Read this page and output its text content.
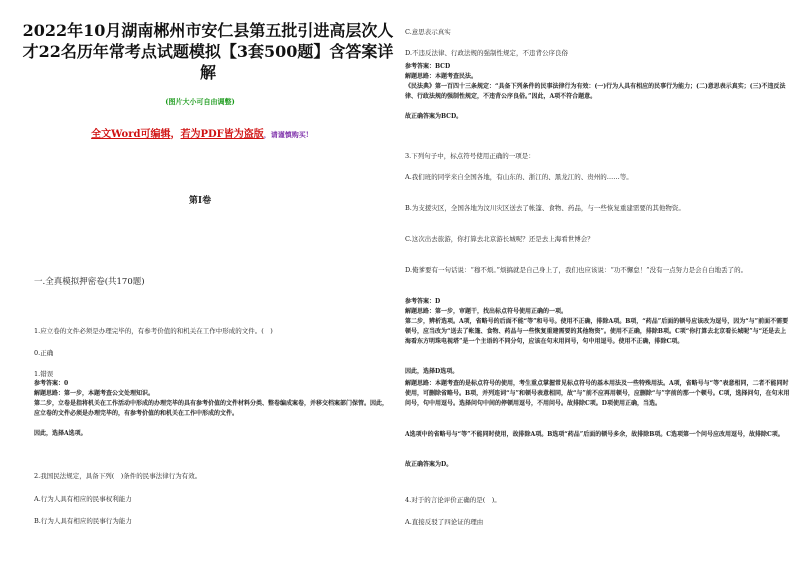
2022年10月湖南郴州市安仁县第五批引进高层次人才22名历年常考点试题模拟【3套500题】含答案详解
(图片大小可自由调整)
全文Word可编辑，若为PDF皆为盗版，请谨慎购买!
第I卷
一.全真模拟押密卷(共170题)
1.应立卷的文件必须是办理完毕的，有参考价值的和机关在工作中形成的文件。(　)
0.正确
1.错误
参考答案：0
解题思路：第一步，本题考查公文处理知识。
第二步，立卷是指将机关在工作活动中形成的办理完毕的具有参考价值的文件材料分类、整卷编成案卷，并移交档案部门保管。因此，应立卷的文件必须是办理完毕的，有参考价值的和机关在工作中形成的文件。
因此，选择A选项。
2.我国民法规定，具备下列(　)条件的民事法律行为有效。
A.行为人具有相应的民事权利能力
B.行为人具有相应的民事行为能力
C.意思表示真实
D.不违反法律、行政法规的强制性规定，不违背公序良俗
参考答案：BCD
解题思路：本题考查民法。
《民法典》第一百四十三条规定：“具备下列条件的民事法律行为有效：(一)行为人具有相应的民事行为能力；(二)意思表示真实；(三)不违反法律、行政法规的强制性规定，不违背公序良俗。”因此，A项不符合题意。
故正确答案为BCD。
3.下列句子中，标点符号使用正确的一项是：
A.我们班的同学来自全国各地，有山东的、浙江的、黑龙江的、贵州的……等。
B.为支援灾区，全国各地为汶川灾区送去了帐篷、食物、药品，与一些恢复重建需要的其他物资。
C.这次出去旅游，你打算去北京游长城呢？还是去上海看世博会？
D.俺爹要有一句话说：“穆不烦。”烦搞就是自己身上了，我们也应该说：“功不懈怠！”没有一点努力是会自白地丢了的。
参考答案：D
解题思路：第一步，审题干，找出标点符号使用正确的一项。
第二步，辨析选项。A项，省略号的后面不能“等”和号号。使用不正确，排除A项。B项，“药品”后面的顿号应该改为逗号，因为“与”前面不需要顿号，应当改为“送去了帐篷、食物、药品与一些恢复重建需要的其他物资”。使用不正确，排除B项。C项“你打算去北京看长城呢”与“还是去上海看东方明珠电视塔”是一个主语的不同分句，应该在句末用问号，句中用逗号。使用不正确，排除C项。
因此，选择D选项。
解题思路：本题考查的是标点符号的使用，考生重点掌握常见标点符号的基本用法及一些特殊用法。A项，省略号与“等”表意相同，二者不能同时使用，可删除省略号。B项，并列连词“与”和顿号表意相同，故“与”前不应再用顿号，应删除“与”字前的那一个顿号。C项，选择问句，在句末用问号，句中用逗号。选择问句中间的停顿用逗号，不用问号。故排除C项。D项使用正确，当选。
A选项中的省略号与“等”不能同时使用，故排除A项。B选项“药品”后面的顿号多余，故排除B项。C选项第一个问号应改用逗号，故排除C项。
故正确答案为D。
4.对于的言论评价正确的是(　)。
A.直接反驳了四论证的理由
